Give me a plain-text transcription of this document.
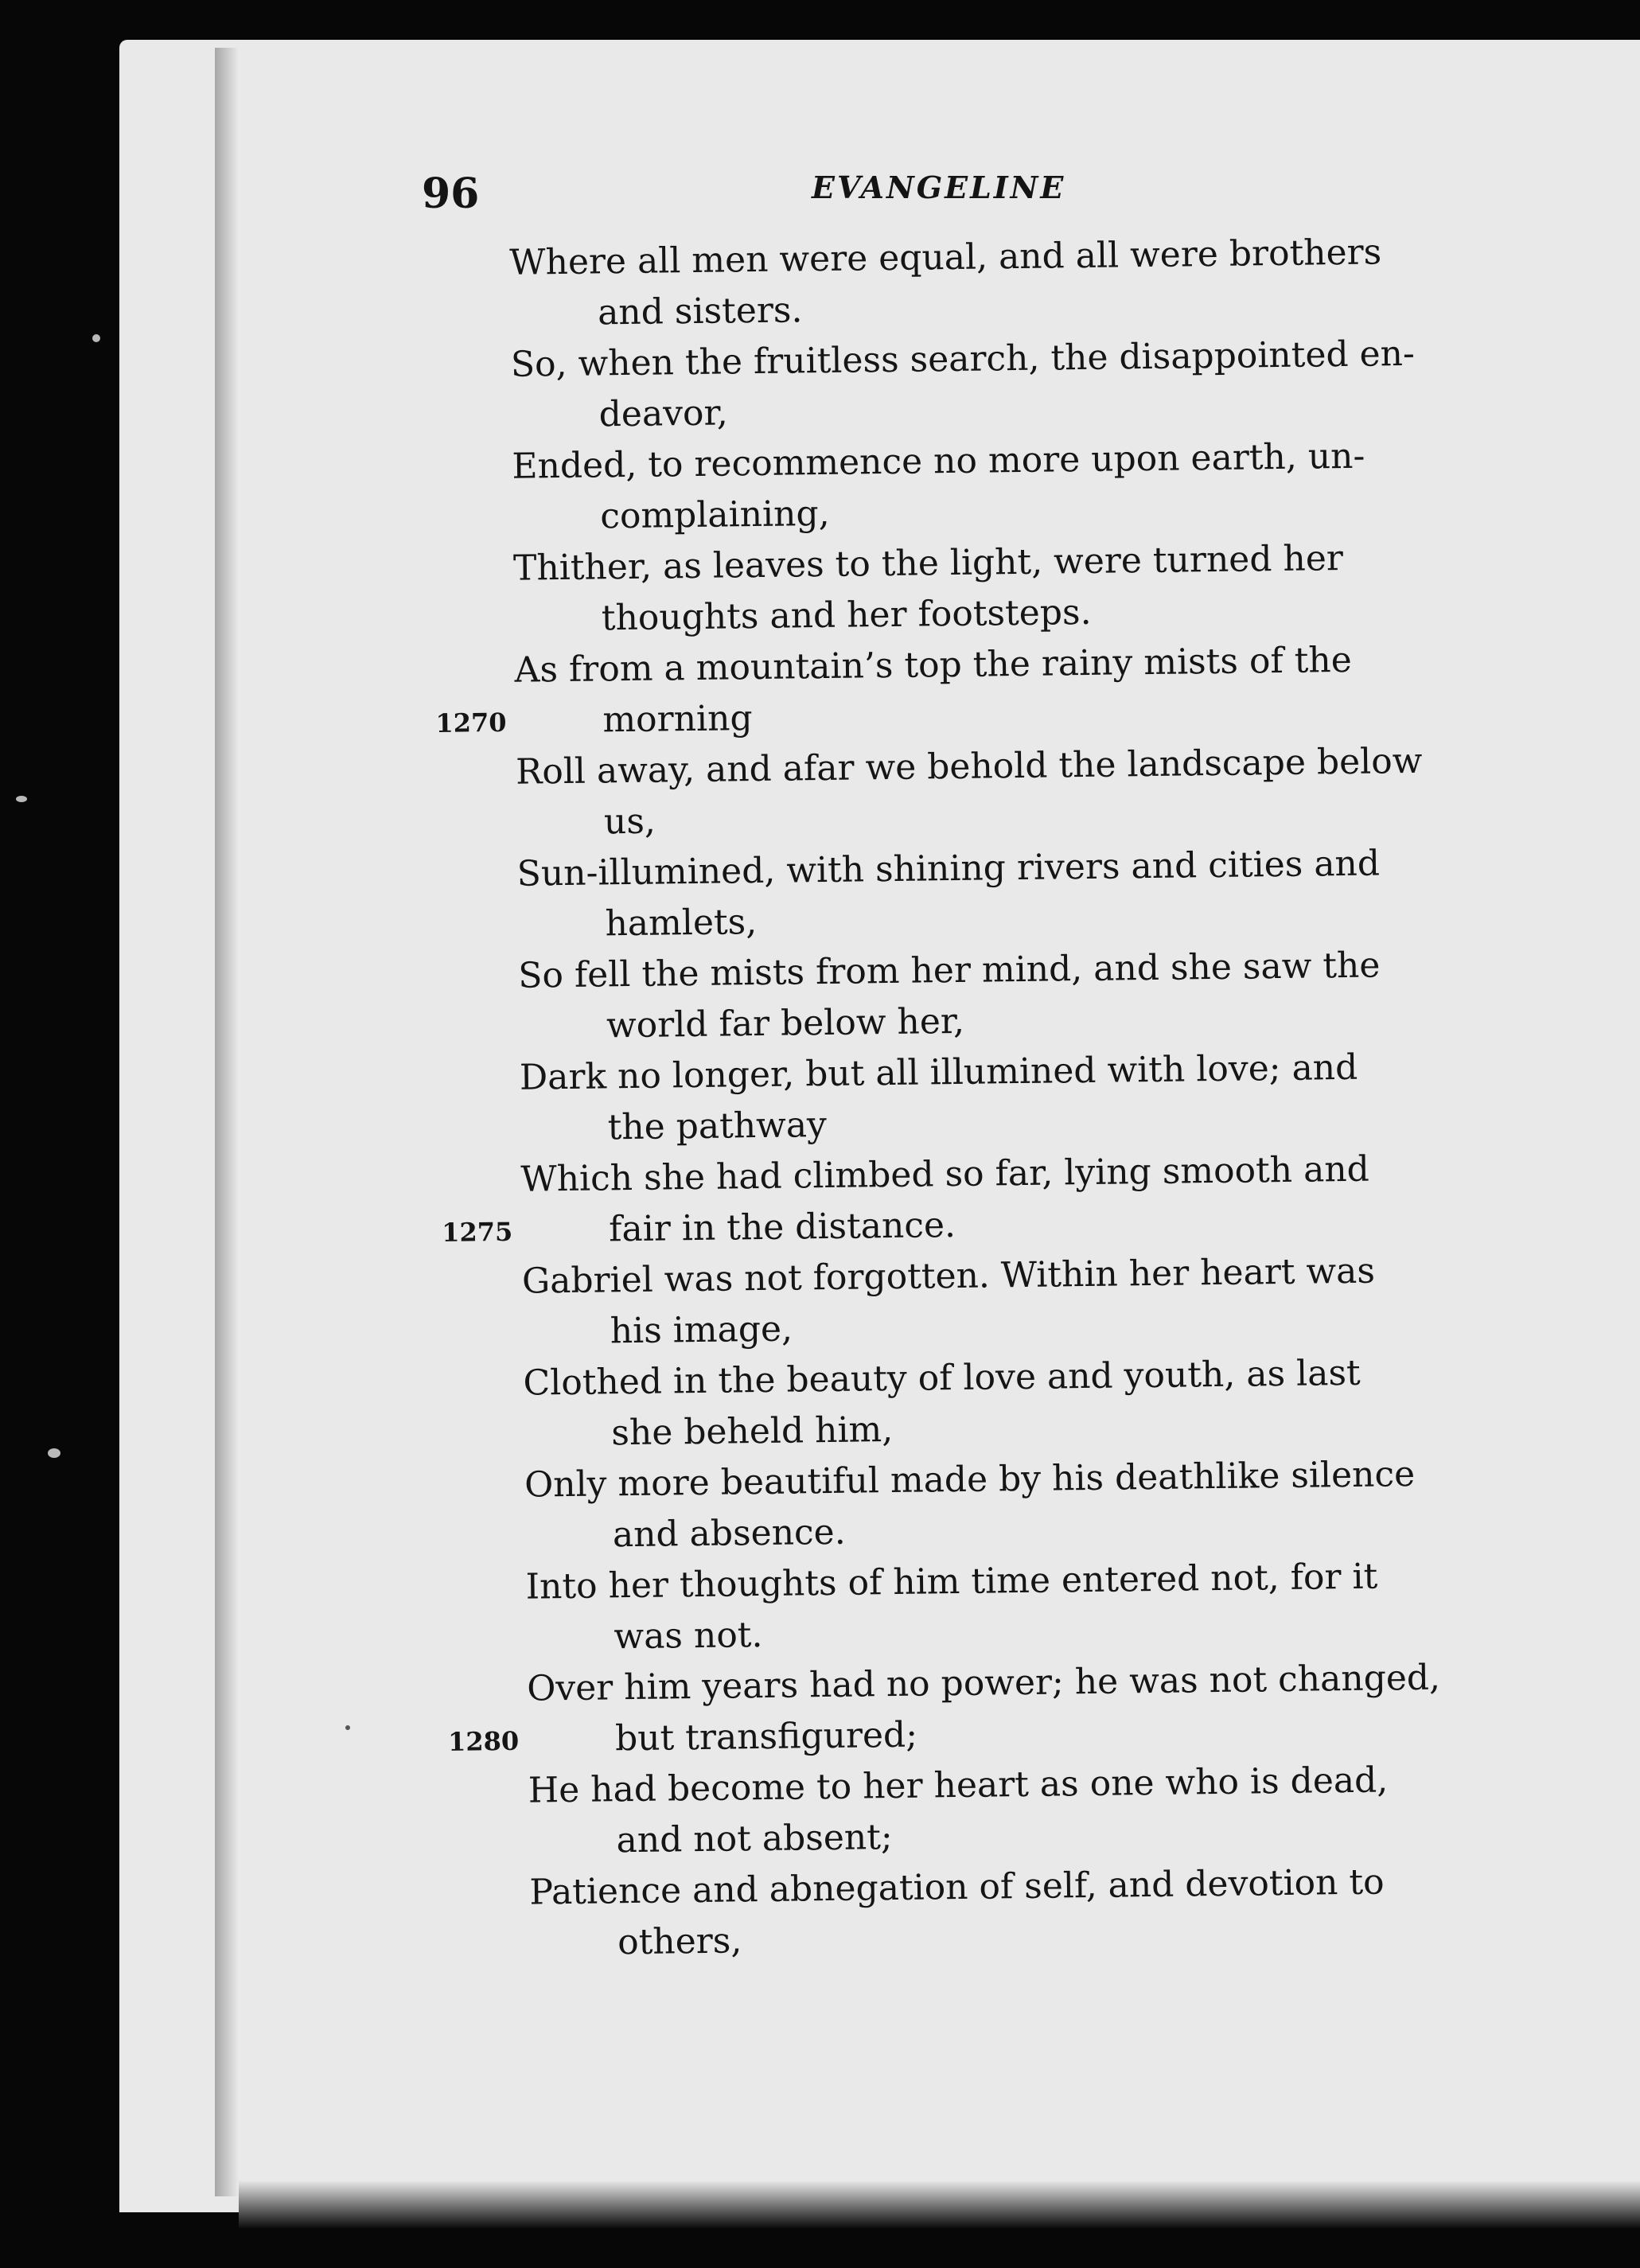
96	EVANGELINE
Where all men were equal, and all were brothers
and sisters.
So, when the fruitless search, the disappointed en-
deavor,
Ended, to recommence no more upon earth, un-
complaining,
Thither, as leaves to the light, were turned her
thoughts and her footsteps.
As from a mountain’s top the rainy mists of the
morning
1270
Roll away, and afar we behold the landscape below
us,
Sun-illumined, with shining rivers and cities and
hamlets,
So fell the mists from her mind, and she saw the
world far below her,
Dark no longer, but all illumined with love; and
the pathway
Which she had climbed so far, lying smooth and
fair in the distance.
1275
Gabriel was not forgotten. Within her heart was
his image,
Clothed in the beauty of love and youth, as last
she beheld him,
Only more beautiful made by his deathlike silence
and absence.
Into her thoughts of him time entered not, for it
was not.
Over him years had no power; he was not changed,
but transfigured;
1280
He had become to her heart as one who is dead,
and not absent;
Patience and abnegation of self, and devotion to
others,
